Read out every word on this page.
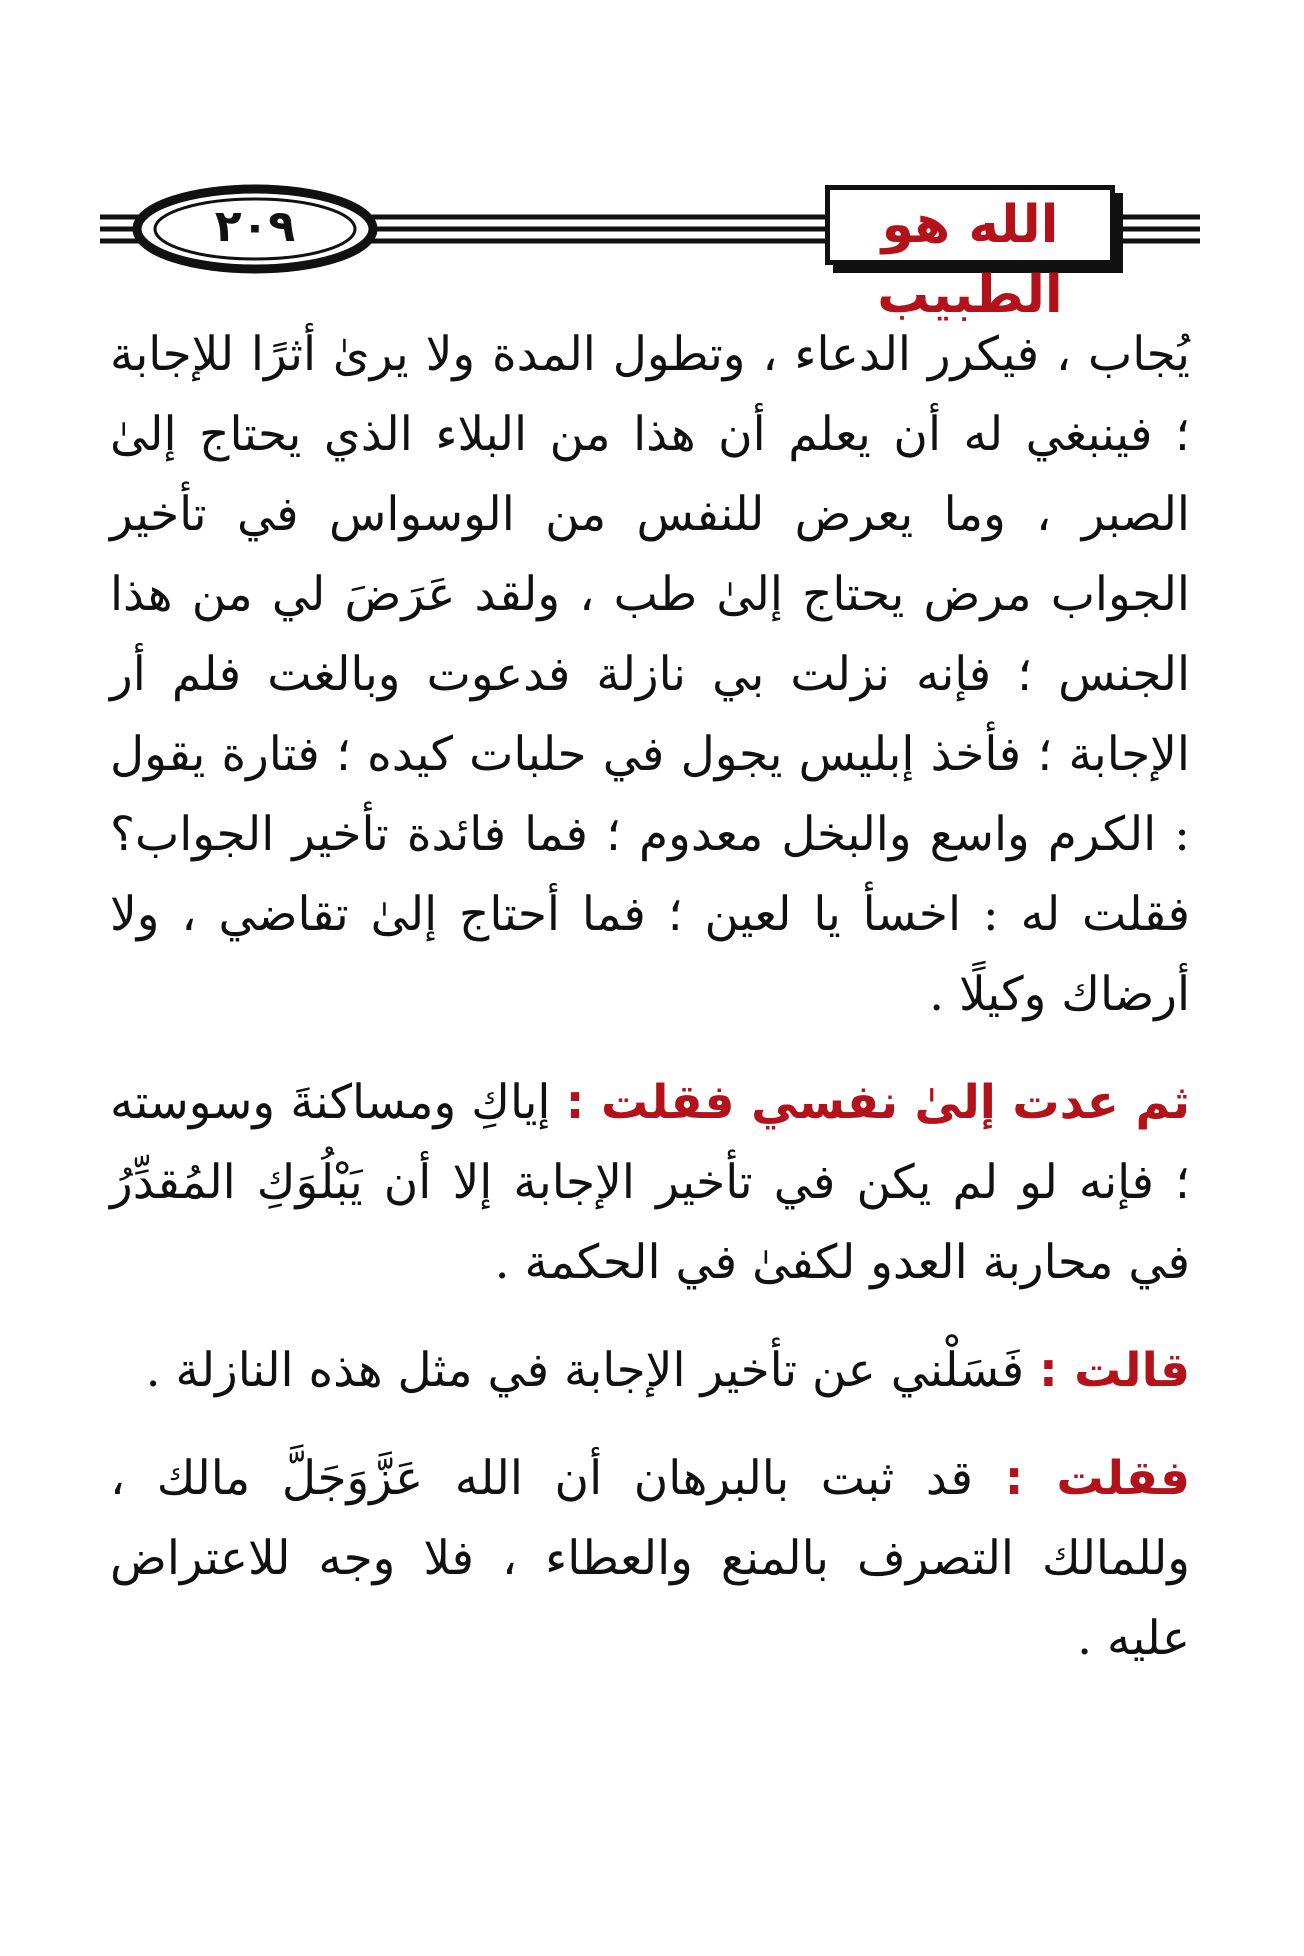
٢٠٩	الله هو الطبيب

يُجاب ، فيكرر الدعاء ، وتطول المدة ولا يرىٰ أثرًا للإجابة ؛ فينبغي له أن يعلم أن هذا من البلاء الذي يحتاج إلىٰ الصبر ، وما يعرض للنفس من الوسواس في تأخير الجواب مرض يحتاج إلىٰ طب ، ولقد عَرَضَ لي من هذا الجنس ؛ فإنه نزلت بي نازلة فدعوت وبالغت فلم أر الإجابة ؛ فأخذ إبليس يجول في حلبات كيده ؛ فتارة يقول : الكرم واسع والبخل معدوم ؛ فما فائدة تأخير الجواب؟ فقلت له : اخسأ يا لعين ؛ فما أحتاج إلىٰ تقاضي ، ولا أرضاك وكيلًا .

ثم عدت إلىٰ نفسي فقلت : إياكِ ومساكنةَ وسوسته ؛ فإنه لو لم يكن في تأخير الإجابة إلا أن يَبْلُوَكِ المُقدِّرُ في محاربة العدو لكفىٰ في الحكمة .

قالت : فَسَلْني عن تأخير الإجابة في مثل هذه النازلة .

فقلت : قد ثبت بالبرهان أن الله عَزَّوَجَلَّ مالك ، وللمالك التصرف بالمنع والعطاء ، فلا وجه للاعتراض عليه .
